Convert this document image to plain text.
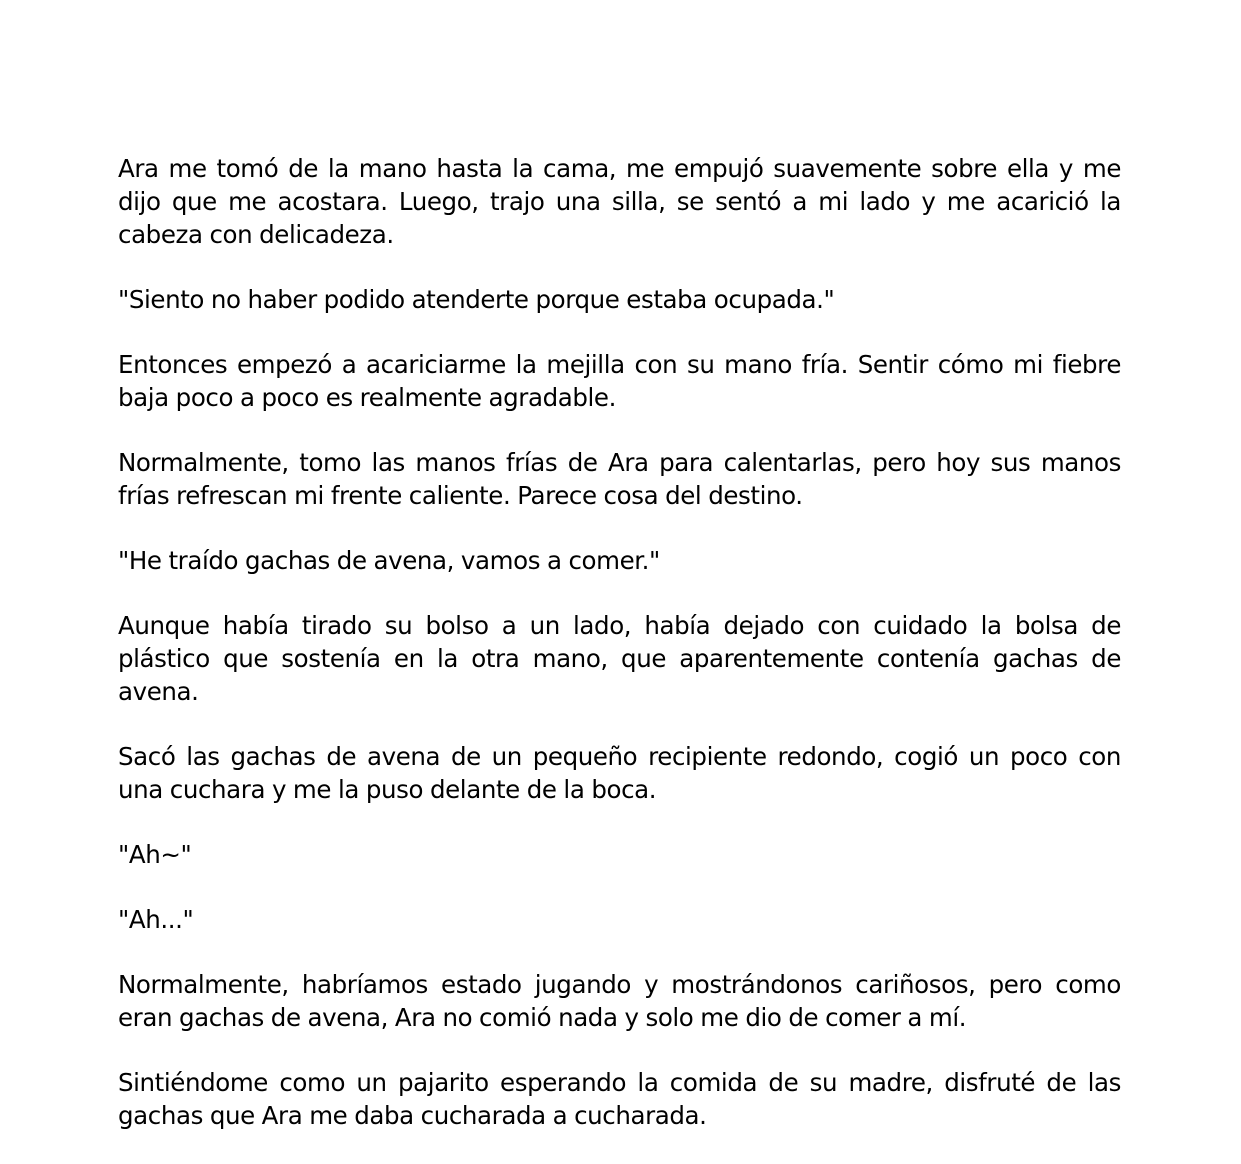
Ara me tomó de la mano hasta la cama, me empujó suavemente sobre ella y me dijo que me acostara. Luego, trajo una silla, se sentó a mi lado y me acarició la cabeza con delicadeza.

"Siento no haber podido atenderte porque estaba ocupada."

Entonces empezó a acariciarme la mejilla con su mano fría. Sentir cómo mi fiebre baja poco a poco es realmente agradable.

Normalmente, tomo las manos frías de Ara para calentarlas, pero hoy sus manos frías refrescan mi frente caliente. Parece cosa del destino.

"He traído gachas de avena, vamos a comer."

Aunque había tirado su bolso a un lado, había dejado con cuidado la bolsa de plástico que sostenía en la otra mano, que aparentemente contenía gachas de avena.

Sacó las gachas de avena de un pequeño recipiente redondo, cogió un poco con una cuchara y me la puso delante de la boca.

"Ah~"

"Ah..."

Normalmente, habríamos estado jugando y mostrándonos cariñosos, pero como eran gachas de avena, Ara no comió nada y solo me dio de comer a mí.

Sintiéndome como un pajarito esperando la comida de su madre, disfruté de las gachas que Ara me daba cucharada a cucharada.
